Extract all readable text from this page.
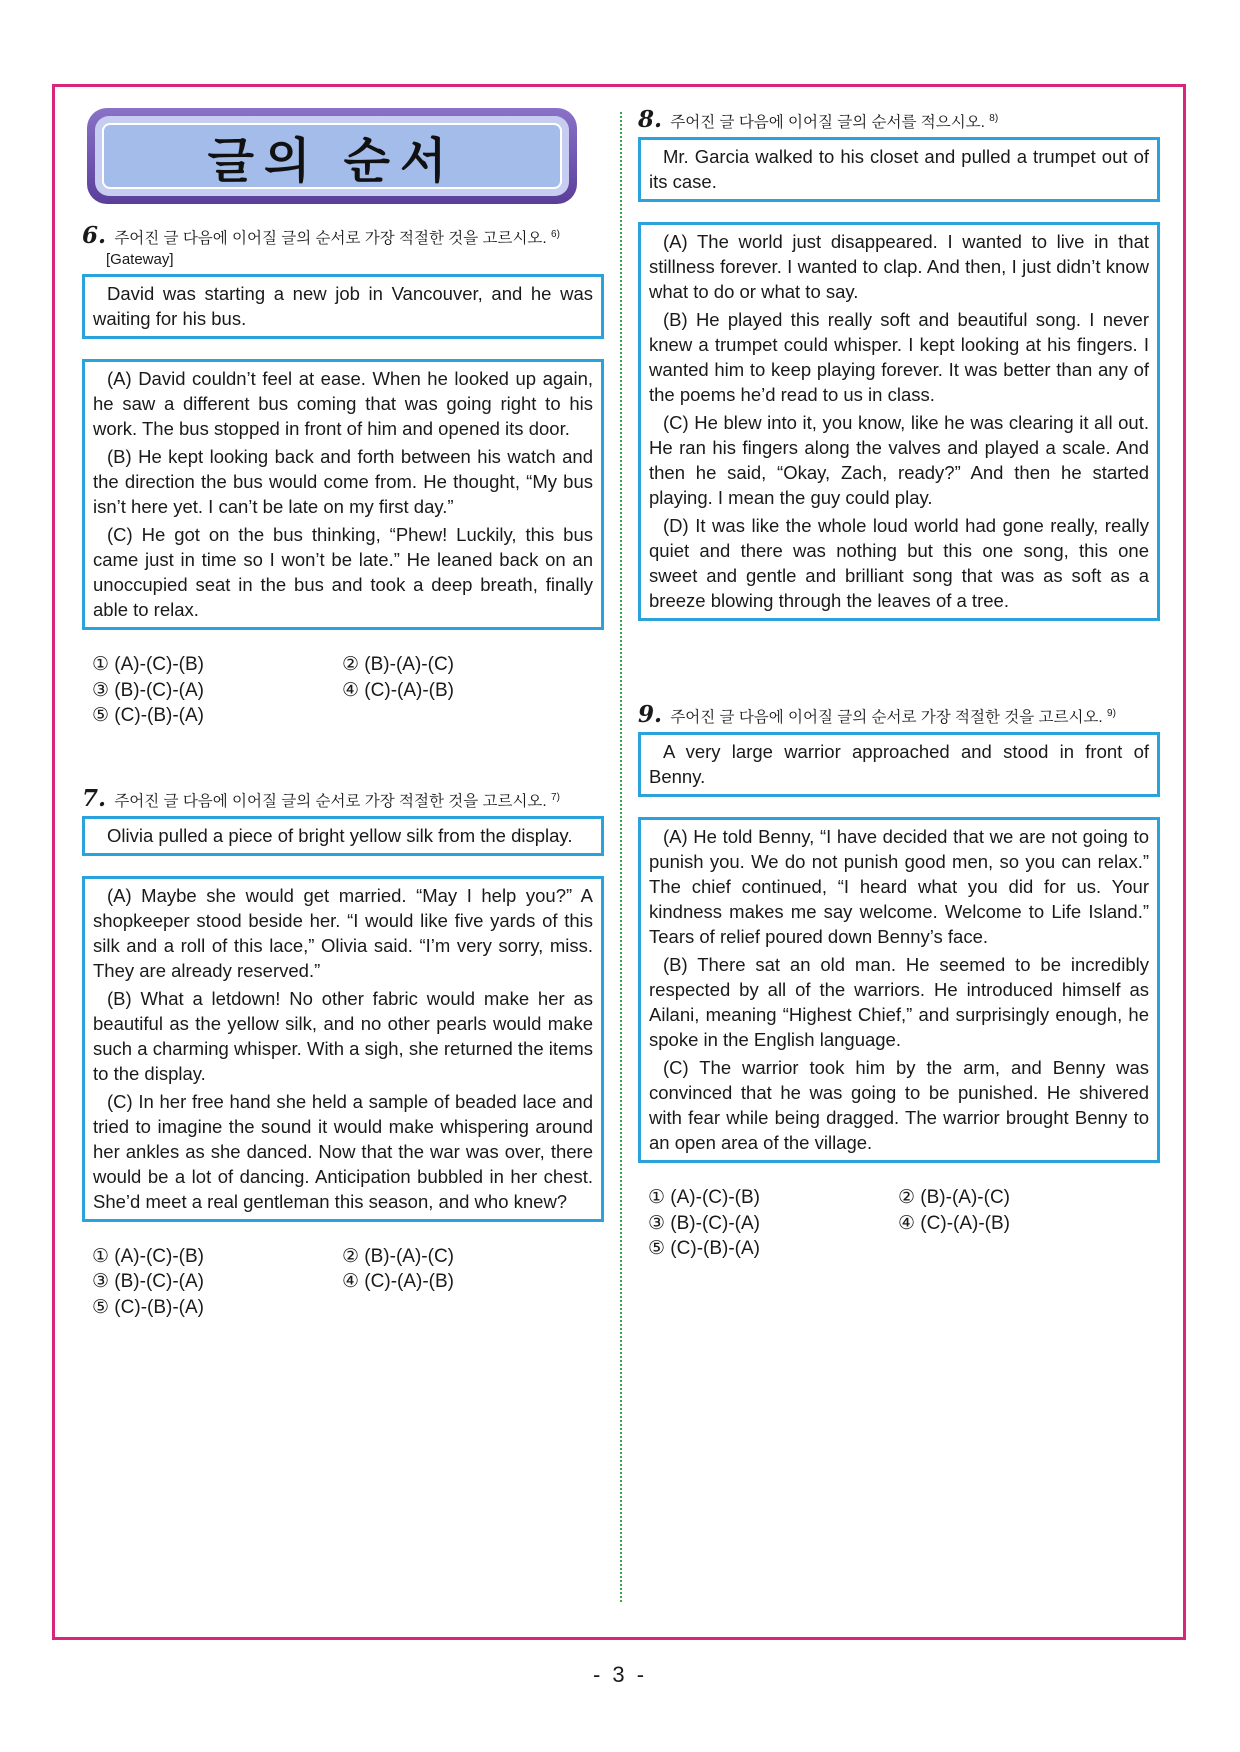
글의 순서
6. 주어진 글 다음에 이어질 글의 순서로 가장 적절한 것을 고르시오. $^{6)}$
[Gateway]

David was starting a new job in Vancouver, and he was waiting for his bus.

(A) David couldn’t feel at ease. When he looked up again, he saw a different bus coming that was going right to his work. The bus stopped in front of him and opened its door.

(B) He kept looking back and forth between his watch and the direction the bus would come from. He thought, “My bus isn’t here yet. I can’t be late on my first day.”

(C) He got on the bus thinking, “Phew! Luckily, this bus came just in time so I won’t be late.” He leaned back on an unoccupied seat in the bus and took a deep breath, finally able to relax.

① (A)-(C)-(B)	② (B)-(A)-(C)
③ (B)-(C)-(A)	④ (C)-(A)-(B)
⑤ (C)-(B)-(A)
7. 주어진 글 다음에 이어질 글의 순서로 가장 적절한 것을 고르시오. $^{7)}$

Olivia pulled a piece of bright yellow silk from the display.

(A) Maybe she would get married. “May I help you?” A shopkeeper stood beside her. “I would like five yards of this silk and a roll of this lace,” Olivia said. “I’m very sorry, miss. They are already reserved.”

(B) What a letdown! No other fabric would make her as beautiful as the yellow silk, and no other pearls would make such a charming whisper. With a sigh, she returned the items to the display.

(C) In her free hand she held a sample of beaded lace and tried to imagine the sound it would make whispering around her ankles as she danced. Now that the war was over, there would be a lot of dancing. Anticipation bubbled in her chest. She’d meet a real gentleman this season, and who knew?

① (A)-(C)-(B)	② (B)-(A)-(C)
③ (B)-(C)-(A)	④ (C)-(A)-(B)
⑤ (C)-(B)-(A)
8. 주어진 글 다음에 이어질 글의 순서를 적으시오. $^{8)}$

Mr. Garcia walked to his closet and pulled a trumpet out of its case.

(A) The world just disappeared. I wanted to live in that stillness forever. I wanted to clap. And then, I just didn’t know what to do or what to say.

(B) He played this really soft and beautiful song. I never knew a trumpet could whisper. I kept looking at his fingers. I wanted him to keep playing forever. It was better than any of the poems he’d read to us in class.

(C) He blew into it, you know, like he was clearing it all out. He ran his fingers along the valves and played a scale. And then he said, “Okay, Zach, ready?” And then he started playing. I mean the guy could play.

(D) It was like the whole loud world had gone really, really quiet and there was nothing but this one song, this one sweet and gentle and brilliant song that was as soft as a breeze blowing through the leaves of a tree.

9. 주어진 글 다음에 이어질 글의 순서로 가장 적절한 것을 고르시오. $^{9)}$

A very large warrior approached and stood in front of Benny.

(A) He told Benny, “I have decided that we are not going to punish you. We do not punish good men, so you can relax.” The chief continued, “I heard what you did for us. Your kindness makes me say welcome. Welcome to Life Island.” Tears of relief poured down Benny’s face.

(B) There sat an old man. He seemed to be incredibly respected by all of the warriors. He introduced himself as Ailani, meaning “Highest Chief,” and surprisingly enough, he spoke in the English language.

(C) The warrior took him by the arm, and Benny was convinced that he was going to be punished. He shivered with fear while being dragged. The warrior brought Benny to an open area of the village.

① (A)-(C)-(B)	② (B)-(A)-(C)
③ (B)-(C)-(A)	④ (C)-(A)-(B)
⑤ (C)-(B)-(A)
- 3 -
